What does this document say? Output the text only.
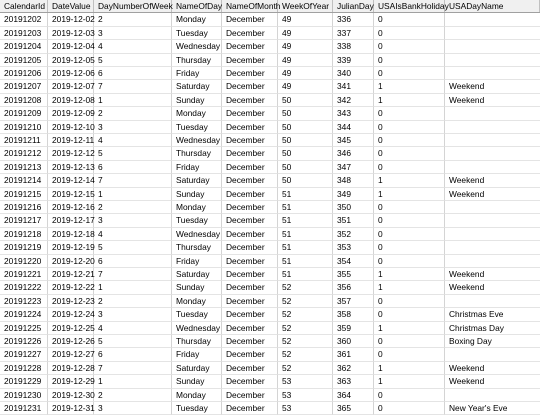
CalendarId DateValue DayNumberOfWeek NameOfDay NameOfMonth WeekOfYear JulianDay USAIsBankHoliday USADayName
20191202	2019-12-02 2	Monday	December	49	336	0
20191203	2019-12-03 3	Tuesday	December	49	337	0
20191204	2019-12-04 4	Wednesday December	49	338	0
20191205	2019-12-05 5	Thursday	December	49	339	0
20191206	2019-12-06 6	Friday	December	49	340	0
20191207	2019-12-07 7	Saturday	December	49	341	1	Weekend
20191208	2019-12-08 1	Sunday	December	50	342	1	Weekend
20191209	2019-12-09 2	Monday	December	50	343	0
20191210	2019-12-10 3	Tuesday	December	50	344	0
20191211	2019-12-11 4	Wednesday December	50	345	0
20191212	2019-12-12 5	Thursday	December	50	346	0
20191213	2019-12-13 6	Friday	December	50	347	0
20191214	2019-12-14 7	Saturday	December	50	348	1	Weekend
20191215	2019-12-15 1	Sunday	December	51	349	1	Weekend
20191216	2019-12-16 2	Monday	December	51	350	0
20191217	2019-12-17 3	Tuesday	December	51	351	0
20191218	2019-12-18 4	Wednesday December	51	352	0
20191219	2019-12-19 5	Thursday	December	51	353	0
20191220	2019-12-20 6	Friday	December	51	354	0
20191221	2019-12-21 7	Saturday	December	51	355	1	Weekend
20191222	2019-12-22 1	Sunday	December	52	356	1	Weekend
20191223	2019-12-23 2	Monday	December	52	357	0
20191224	2019-12-24 3	Tuesday	December	52	358	0	Christmas Eve
20191225	2019-12-25 4	Wednesday December	52	359	1	Christmas Day
20191226	2019-12-26 5	Thursday	December	52	360	0	Boxing Day
20191227	2019-12-27 6	Friday	December	52	361	0
20191228	2019-12-28 7	Saturday	December	52	362	1	Weekend
20191229	2019-12-29 1	Sunday	December	53	363	1	Weekend
20191230	2019-12-30 2	Monday	December	53	364	0
20191231	2019-12-31 3	Tuesday	December	53	365	0	New Year's Eve
